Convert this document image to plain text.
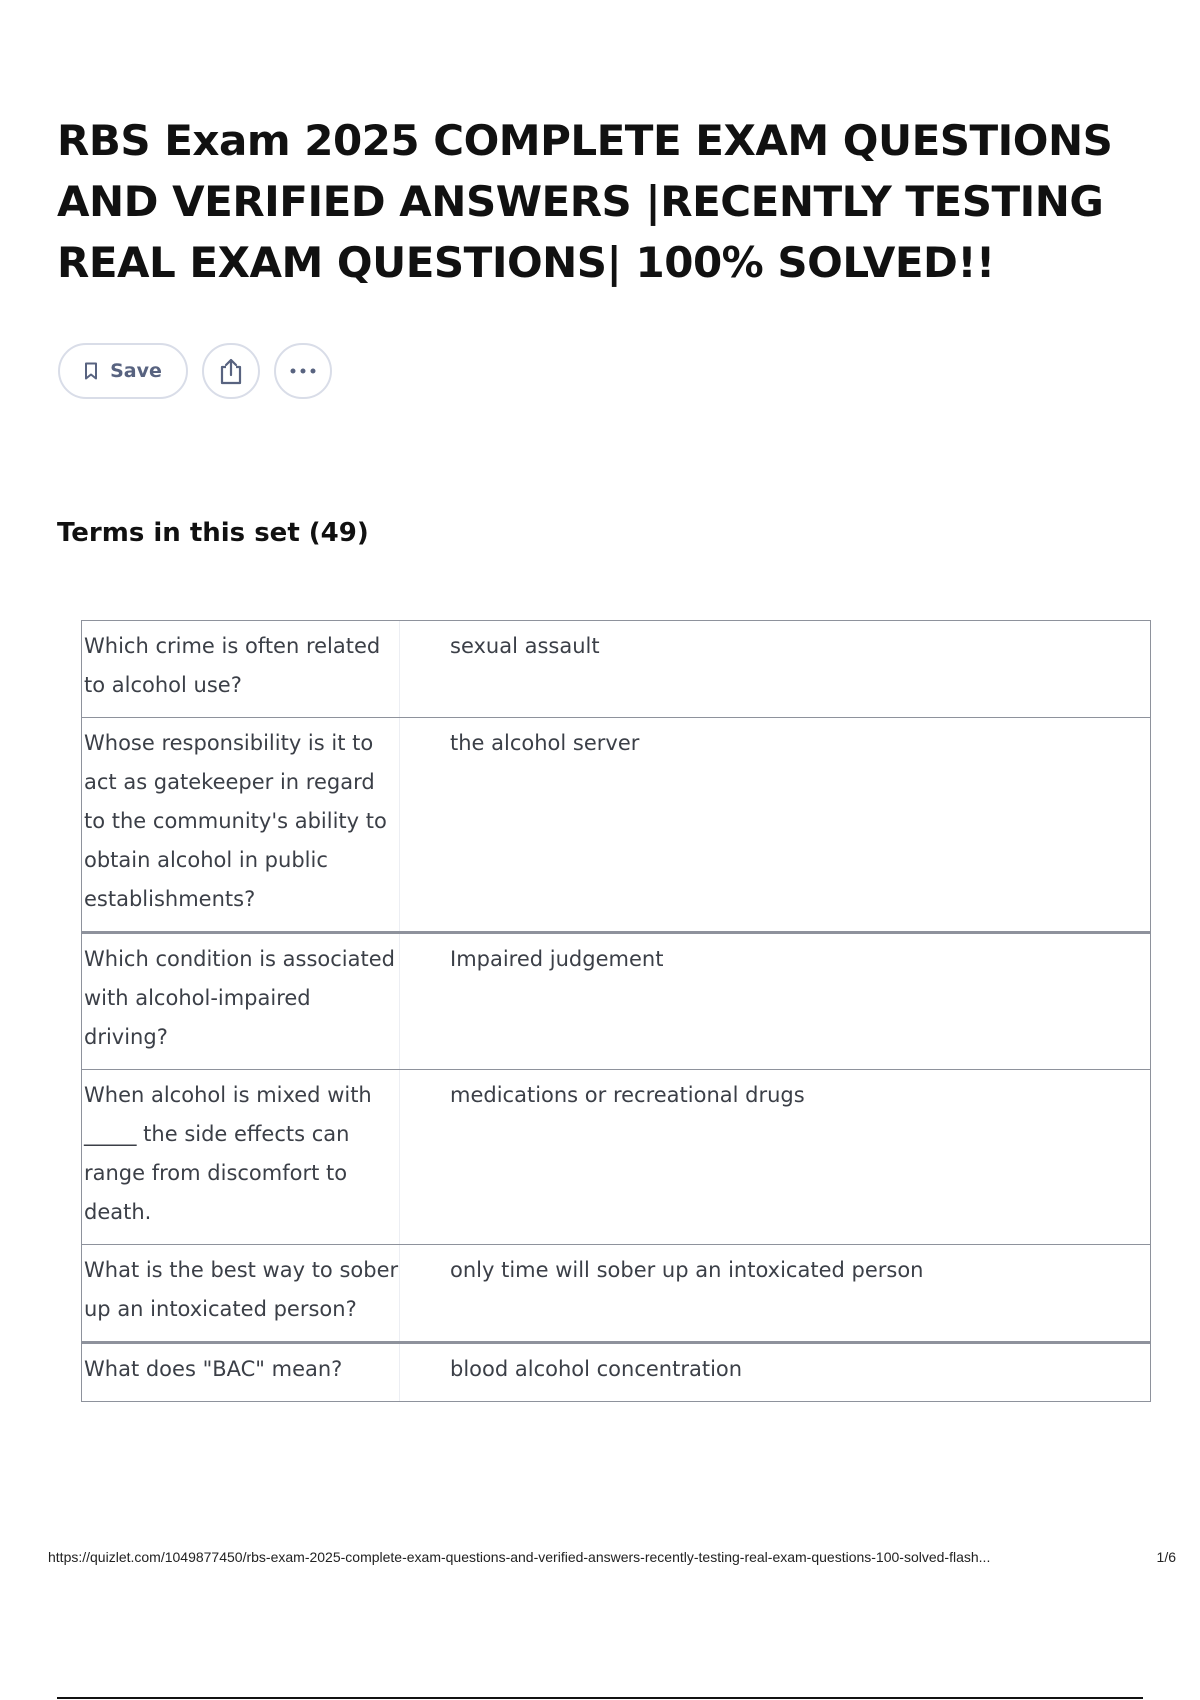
RBS Exam 2025 COMPLETE EXAM QUESTIONS AND VERIFIED ANSWERS |RECENTLY TESTING REAL EXAM QUESTIONS| 100% SOLVED!!
Save
Terms in this set (49)
Which crime is often related to alcohol use?
sexual assault
Whose responsibility is it to act as gatekeeper in regard to the community's ability to obtain alcohol in public establishments?
the alcohol server
Which condition is associated with alcohol-impaired driving?
Impaired judgement
When alcohol is mixed with _____ the side effects can range from discomfort to death.
medications or recreational drugs
What is the best way to sober up an intoxicated person?
only time will sober up an intoxicated person
What does "BAC" mean?	blood alcohol concentration
https://quizlet.com/1049877450/rbs-exam-2025-complete-exam-questions-and-verified-answers-recently-testing-real-exam-questions-100-solved-flash...	1/6
